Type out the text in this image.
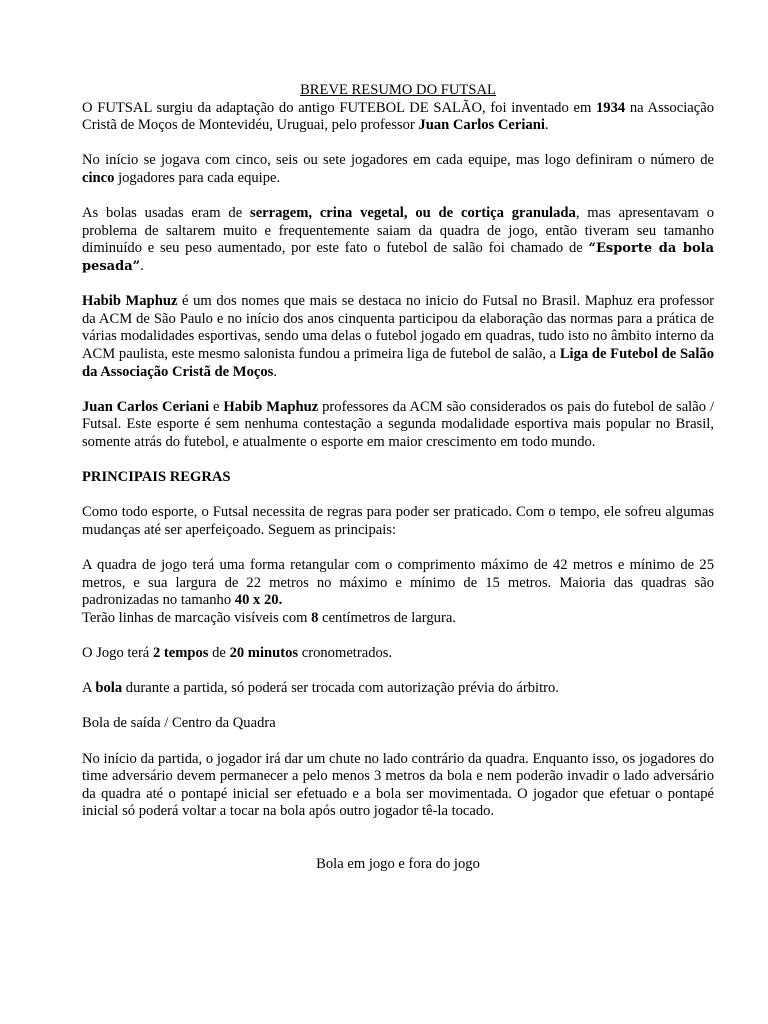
BREVE RESUMO DO FUTSAL

O FUTSAL surgiu da adaptação do antigo FUTEBOL DE SALÃO, foi inventado em 1934 na Associação Cristã de Moços de Montevidéu, Uruguai, pelo professor Juan Carlos Ceriani.

No início se jogava com cinco, seis ou sete jogadores em cada equipe, mas logo definiram o número de cinco jogadores para cada equipe.

As bolas usadas eram de serragem, crina vegetal, ou de cortiça granulada, mas apresentavam o problema de saltarem muito e frequentemente saiam da quadra de jogo, então tiveram seu tamanho diminuído e seu peso aumentado, por este fato o futebol de salão foi chamado de “Esporte da bola pesada”.

Habib Maphuz é um dos nomes que mais se destaca no inicio do Futsal no Brasil. Maphuz era professor da ACM de São Paulo e no início dos anos cinquenta participou da elaboração das normas para a prática de várias modalidades esportivas, sendo uma delas o futebol jogado em quadras, tudo isto no âmbito interno da ACM paulista, este mesmo salonista fundou a primeira liga de futebol de salão, a Liga de Futebol de Salão da Associação Cristã de Moços.

Juan Carlos Ceriani e Habib Maphuz professores da ACM são considerados os pais do futebol de salão / Futsal. Este esporte é sem nenhuma contestação a segunda modalidade esportiva mais popular no Brasil, somente atrás do futebol, e atualmente o esporte em maior crescimento em todo mundo.

PRINCIPAIS REGRAS

Como todo esporte, o Futsal necessita de regras para poder ser praticado. Com o tempo, ele sofreu algumas mudanças até ser aperfeiçoado. Seguem as principais:

A quadra de jogo terá uma forma retangular com o comprimento máximo de 42 metros e mínimo de 25 metros, e sua largura de 22 metros no máximo e mínimo de 15 metros. Maioria das quadras são padronizadas no tamanho 40 x 20.

Terão linhas de marcação visíveis com 8 centímetros de largura.

O Jogo terá 2 tempos de 20 minutos cronometrados.

A bola durante a partida, só poderá ser trocada com autorização prévia do árbitro.

Bola de saída / Centro da Quadra

No início da partida, o jogador irá dar um chute no lado contrário da quadra. Enquanto isso, os jogadores do time adversário devem permanecer a pelo menos 3 metros da bola e nem poderão invadir o lado adversário da quadra até o pontapé inicial ser efetuado e a bola ser movimentada. O jogador que efetuar o pontapé inicial só poderá voltar a tocar na bola após outro jogador tê-la tocado.

Bola em jogo e fora do jogo
